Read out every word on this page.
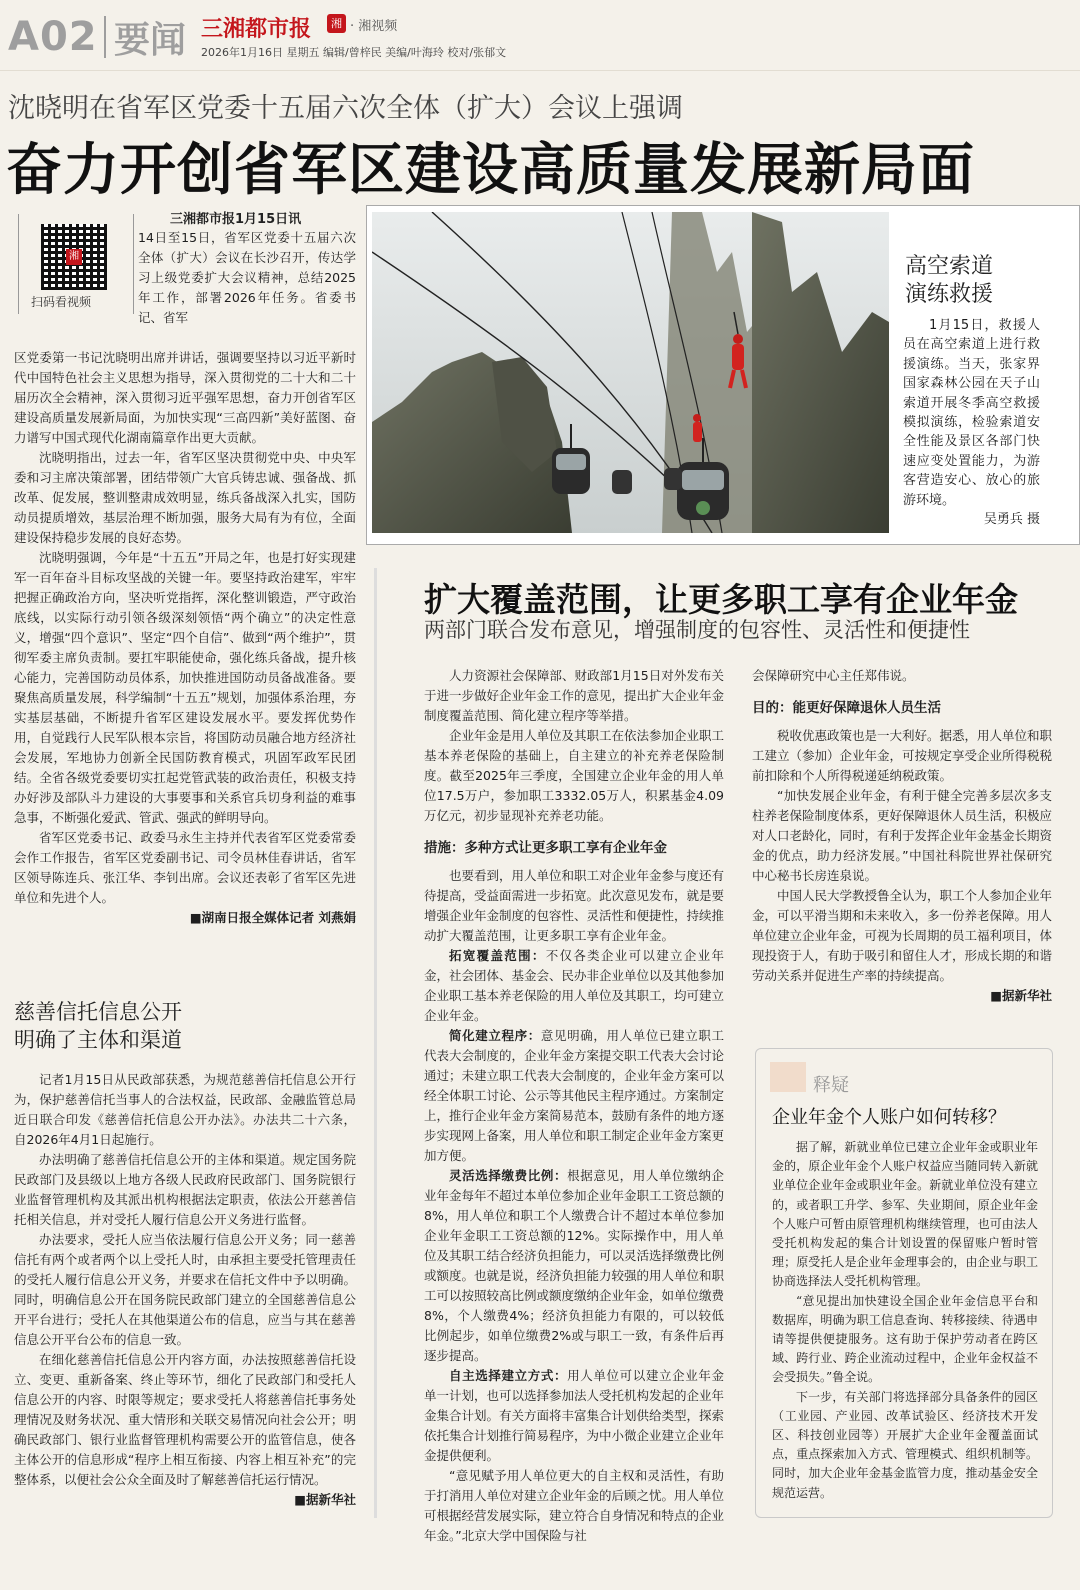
A02 要闻 三湘都市报	湘 · 湘视频
2026年1月16日 星期五 编辑/曾梓民 美编/叶海玲 校对/张郁文
沈晓明在省军区党委十五届六次全体（扩大）会议上强调
奋力开创省军区建设高质量发展新局面
湘
扫码看视频
三湘都市报1月15日讯

14日至15日，省军区党委十五届六次全体（扩大）会议在长沙召开，传达学习上级党委扩大会议精神，总结2025年工作，部署2026年任务。省委书记、省军

区党委第一书记沈晓明出席并讲话，强调要坚持以习近平新时代中国特色社会主义思想为指导，深入贯彻党的二十大和二十届历次全会精神，深入贯彻习近平强军思想，奋力开创省军区建设高质量发展新局面，为加快实现“三高四新”美好蓝图、奋力谱写中国式现代化湖南篇章作出更大贡献。

沈晓明指出，过去一年，省军区坚决贯彻党中央、中央军委和习主席决策部署，团结带领广大官兵铸忠诚、强备战、抓改革、促发展，整训整肃成效明显，练兵备战深入扎实，国防动员提质增效，基层治理不断加强，服务大局有为有位，全面建设保持稳步发展的良好态势。

沈晓明强调，今年是“十五五”开局之年，也是打好实现建军一百年奋斗目标攻坚战的关键一年。要坚持政治建军，牢牢把握正确政治方向，坚决听党指挥，深化整训锻造，严守政治底线，以实际行动引领各级深刻领悟“两个确立”的决定性意义，增强“四个意识”、坚定“四个自信”、做到“两个维护”，贯彻军委主席负责制。要扛牢职能使命，强化练兵备战，提升核心能力，完善国防动员体系，加快推进国防动员备战准备。要聚焦高质量发展，科学编制“十五五”规划，加强体系治理，夯实基层基础，不断提升省军区建设发展水平。要发挥优势作用，自觉践行人民军队根本宗旨，将国防动员融合地方经济社会发展，军地协力创新全民国防教育模式，巩固军政军民团结。全省各级党委要切实扛起党管武装的政治责任，积极支持办好涉及部队斗力建设的大事要事和关系官兵切身利益的难事急事，不断强化爱武、管武、强武的鲜明导向。

省军区党委书记、政委马永生主持并代表省军区党委常委会作工作报告，省军区党委副书记、司令员林佳春讲话，省军区领导陈连兵、张江华、李钊出席。会议还表彰了省军区先进单位和先进个人。

■湖南日报全媒体记者 刘燕娟

高空索道
演练救援

1月15日，救援人员在高空索道上进行救援演练。当天，张家界国家森林公园在天子山索道开展冬季高空救援模拟演练，检验索道安全性能及景区各部门快速应变处置能力，为游客营造安心、放心的旅游环境。

吴勇兵 摄
扩大覆盖范围，让更多职工享有企业年金
两部门联合发布意见，增强制度的包容性、灵活性和便捷性

人力资源社会保障部、财政部1月15日对外发布关于进一步做好企业年金工作的意见，提出扩大企业年金制度覆盖范围、简化建立程序等举措。

企业年金是用人单位及其职工在依法参加企业职工基本养老保险的基础上，自主建立的补充养老保险制度。截至2025年三季度，全国建立企业年金的用人单位17.5万户，参加职工3332.05万人，积累基金4.09万亿元，初步显现补充养老功能。

措施：多种方式让更多职工享有企业年金

也要看到，用人单位和职工对企业年金参与度还有待提高，受益面需进一步拓宽。此次意见发布，就是要增强企业年金制度的包容性、灵活性和便捷性，持续推动扩大覆盖范围，让更多职工享有企业年金。

拓宽覆盖范围：不仅各类企业可以建立企业年金，社会团体、基金会、民办非企业单位以及其他参加企业职工基本养老保险的用人单位及其职工，均可建立企业年金。

简化建立程序：意见明确，用人单位已建立职工代表大会制度的，企业年金方案提交职工代表大会讨论通过；未建立职工代表大会制度的，企业年金方案可以经全体职工讨论、公示等其他民主程序通过。方案制定上，推行企业年金方案简易范本，鼓励有条件的地方逐步实现网上备案，用人单位和职工制定企业年金方案更加方便。

灵活选择缴费比例：根据意见，用人单位缴纳企业年金每年不超过本单位参加企业年金职工工资总额的8%，用人单位和职工个人缴费合计不超过本单位参加企业年金职工工资总额的12%。实际操作中，用人单位及其职工结合经济负担能力，可以灵活选择缴费比例或额度。也就是说，经济负担能力较强的用人单位和职工可以按照较高比例或额度缴纳企业年金，如单位缴费8%，个人缴费4%；经济负担能力有限的，可以较低比例起步，如单位缴费2%或与职工一致，有条件后再逐步提高。

自主选择建立方式：用人单位可以建立企业年金单一计划，也可以选择参加法人受托机构发起的企业年金集合计划。有关方面将丰富集合计划供给类型，探索依托集合计划推行简易程序，为中小微企业建立企业年金提供便利。

“意见赋予用人单位更大的自主权和灵活性，有助于打消用人单位对建立企业年金的后顾之忧。用人单位可根据经营发展实际，建立符合自身情况和特点的企业年金。”北京大学中国保险与社

会保障研究中心主任郑伟说。

目的：能更好保障退休人员生活

税收优惠政策也是一大利好。据悉，用人单位和职工建立（参加）企业年金，可按规定享受企业所得税税前扣除和个人所得税递延纳税政策。

“加快发展企业年金，有利于健全完善多层次多支柱养老保险制度体系，更好保障退休人员生活，积极应对人口老龄化，同时，有利于发挥企业年金基金长期资金的优点，助力经济发展。”中国社科院世界社保研究中心秘书长房连泉说。

中国人民大学教授鲁全认为，职工个人参加企业年金，可以平滑当期和未来收入，多一份养老保障。用人单位建立企业年金，可视为长周期的员工福利项目，体现投资于人，有助于吸引和留住人才，形成长期的和谐劳动关系并促进生产率的持续提高。

■据新华社

释疑
企业年金个人账户如何转移？

据了解，新就业单位已建立企业年金或职业年金的，原企业年金个人账户权益应当随同转入新就业单位企业年金或职业年金。新就业单位没有建立的，或者职工升学、参军、失业期间，原企业年金个人账户可暂由原管理机构继续管理，也可由法人受托机构发起的集合计划设置的保留账户暂时管理；原受托人是企业年金理事会的，由企业与职工协商选择法人受托机构管理。

“意见提出加快建设全国企业年金信息平台和数据库，明确为职工信息查询、转移接续、待遇申请等提供便捷服务。这有助于保护劳动者在跨区域、跨行业、跨企业流动过程中，企业年金权益不会受损失。”鲁全说。

下一步，有关部门将选择部分具备条件的园区（工业园、产业园、改革试验区、经济技术开发区、科技创业园等）开展扩大企业年金覆盖面试点，重点探索加入方式、管理模式、组织机制等。同时，加大企业年金基金监管力度，推动基金安全规范运营。

慈善信托信息公开
明确了主体和渠道

记者1月15日从民政部获悉，为规范慈善信托信息公开行为，保护慈善信托当事人的合法权益，民政部、金融监管总局近日联合印发《慈善信托信息公开办法》。办法共二十六条，自2026年4月1日起施行。

办法明确了慈善信托信息公开的主体和渠道。规定国务院民政部门及县级以上地方各级人民政府民政部门、国务院银行业监督管理机构及其派出机构根据法定职责，依法公开慈善信托相关信息，并对受托人履行信息公开义务进行监督。

办法要求，受托人应当依法履行信息公开义务；同一慈善信托有两个或者两个以上受托人时，由承担主要受托管理责任的受托人履行信息公开义务，并要求在信托文件中予以明确。同时，明确信息公开在国务院民政部门建立的全国慈善信息公开平台进行；受托人在其他渠道公布的信息，应当与其在慈善信息公开平台公布的信息一致。

在细化慈善信托信息公开内容方面，办法按照慈善信托设立、变更、重新备案、终止等环节，细化了民政部门和受托人信息公开的内容、时限等规定；要求受托人将慈善信托事务处理情况及财务状况、重大情形和关联交易情况向社会公开；明确民政部门、银行业监督管理机构需要公开的监管信息，使各主体公开的信息形成“程序上相互衔接、内容上相互补充”的完整体系，以便社会公众全面及时了解慈善信托运行情况。

■据新华社
